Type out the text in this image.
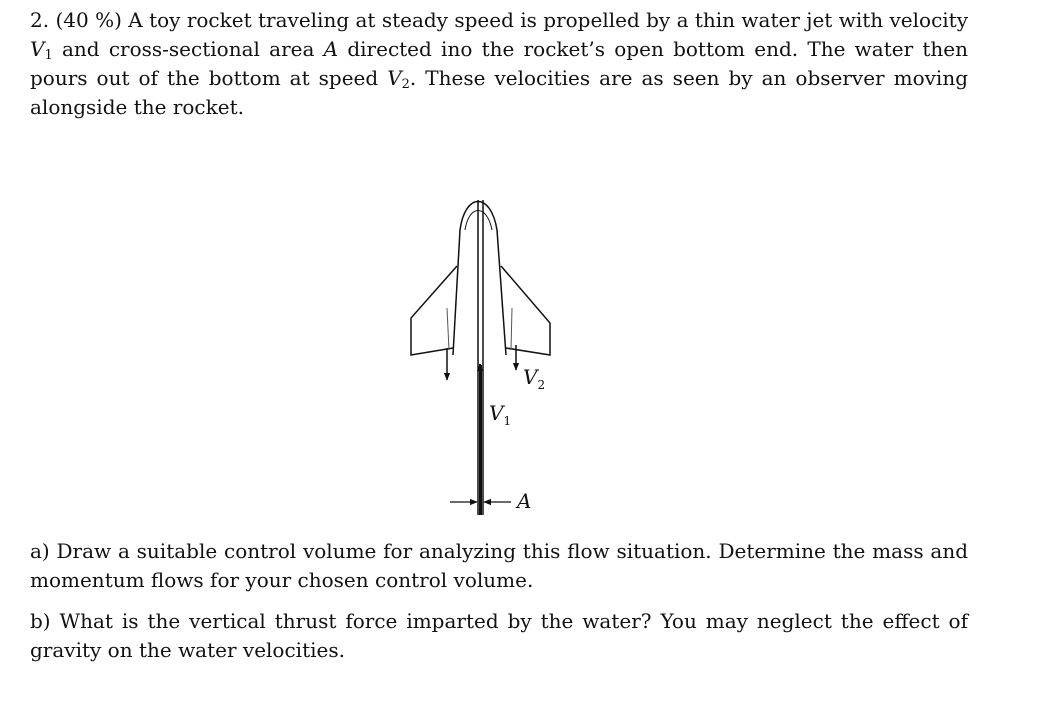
2. (40 %) A toy rocket traveling at steady speed is propelled by a thin water jet with velocity $V_1$ and cross-sectional area A directed ino the rocket’s open bottom end. The water then pours out of the bottom at speed $V_2$. These velocities are as seen by an observer moving alongside the rocket.
$V_2$
$V_1$
A
a) Draw a suitable control volume for analyzing this flow situation. Determine the mass and momentum flows for your chosen control volume.
b) What is the vertical thrust force imparted by the water? You may neglect the effect of gravity on the water velocities.
